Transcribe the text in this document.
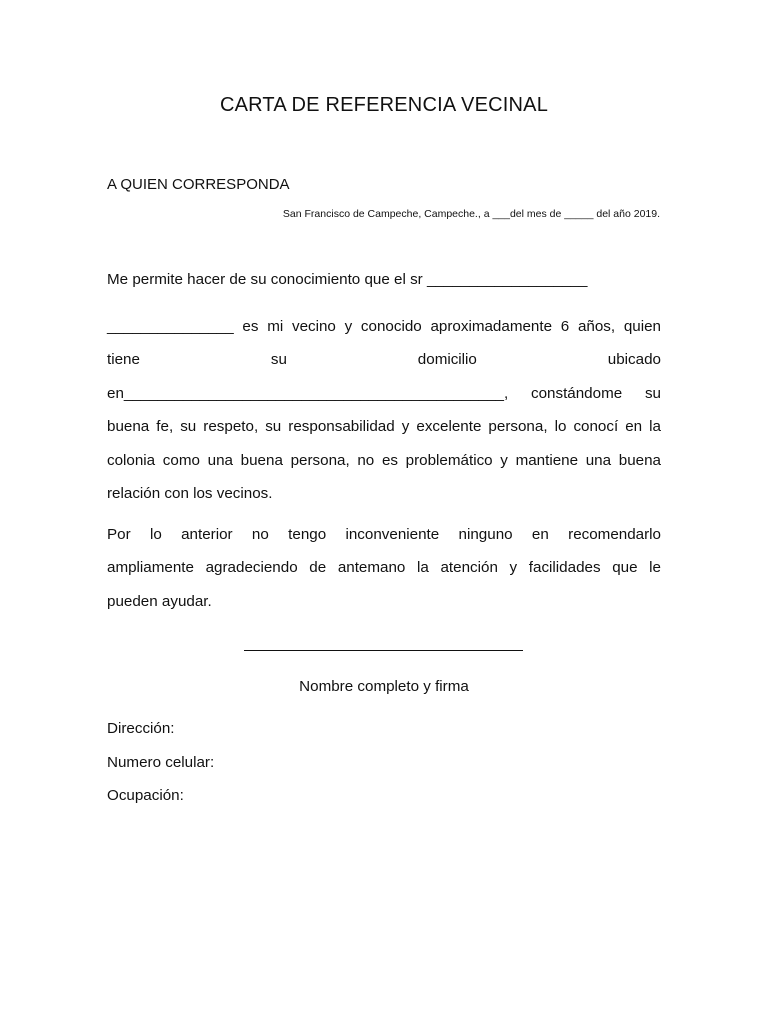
CARTA DE REFERENCIA VECINAL
A QUIEN CORRESPONDA
San Francisco de Campeche, Campeche., a ___del mes de _____ del año 2019.
Me permite hacer de su conocimiento que el sr ___________________
_______________ es mi vecino y conocido aproximadamente 6 años, quien
tiene su domicilio ubicado
en_____________________________________________, constándome su
buena fe, su respeto, su responsabilidad y excelente persona, lo conocí en la
colonia como una buena persona, no es problemático y mantiene una buena
relación con los vecinos.
Por lo anterior no tengo inconveniente ninguno en recomendarlo
ampliamente agradeciendo de antemano la atención y facilidades que le
pueden ayudar.
Nombre completo y firma
Dirección:
Numero celular:
Ocupación:
